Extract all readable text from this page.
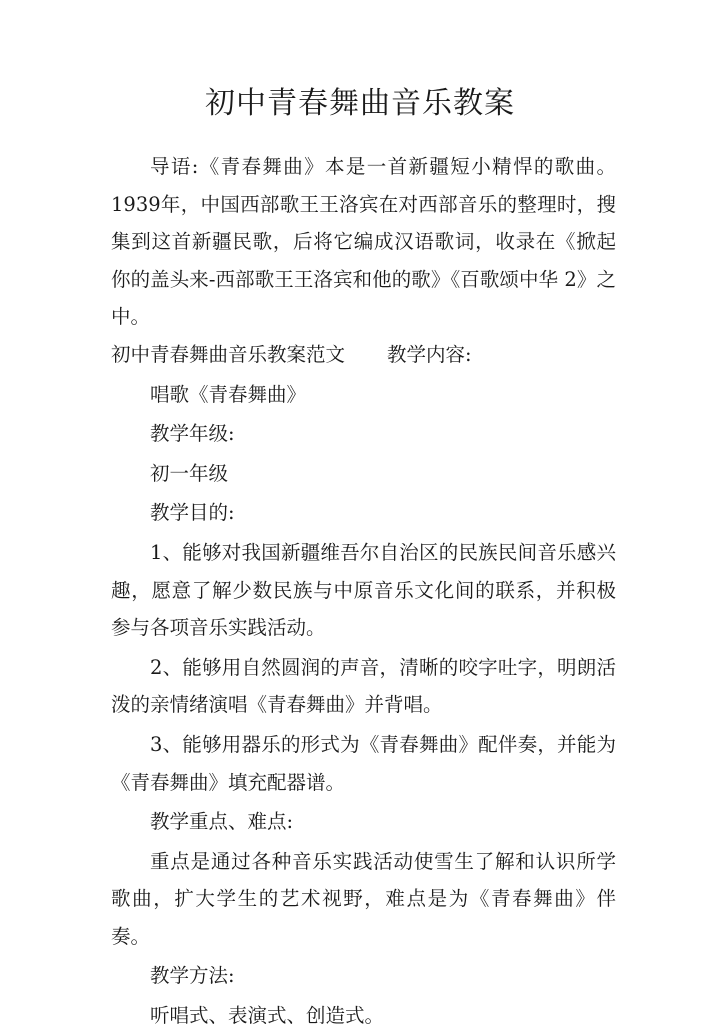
初中青春舞曲音乐教案

导语:《青春舞曲》本是一首新疆短小精悍的歌曲。1939年，中国西部歌王王洛宾在对西部音乐的整理时，搜集到这首新疆民歌，后将它编成汉语歌词，收录在《掀起你的盖头来-西部歌王王洛宾和他的歌》《百歌颂中华 2》之中。

初中青春舞曲音乐教案范文 教学内容:

唱歌《青春舞曲》

教学年级:

初一年级

教学目的:

1、能够对我国新疆维吾尔自治区的民族民间音乐感兴趣，愿意了解少数民族与中原音乐文化间的联系，并积极参与各项音乐实践活动。

2、能够用自然圆润的声音，清晰的咬字吐字，明朗活泼的亲情绪演唱《青春舞曲》并背唱。

3、能够用器乐的形式为《青春舞曲》配伴奏，并能为《青春舞曲》填充配器谱。

教学重点、难点:

重点是通过各种音乐实践活动使雪生了解和认识所学歌曲，扩大学生的艺术视野，难点是为《青春舞曲》伴奏。

教学方法:

听唱式、表演式、创造式。
